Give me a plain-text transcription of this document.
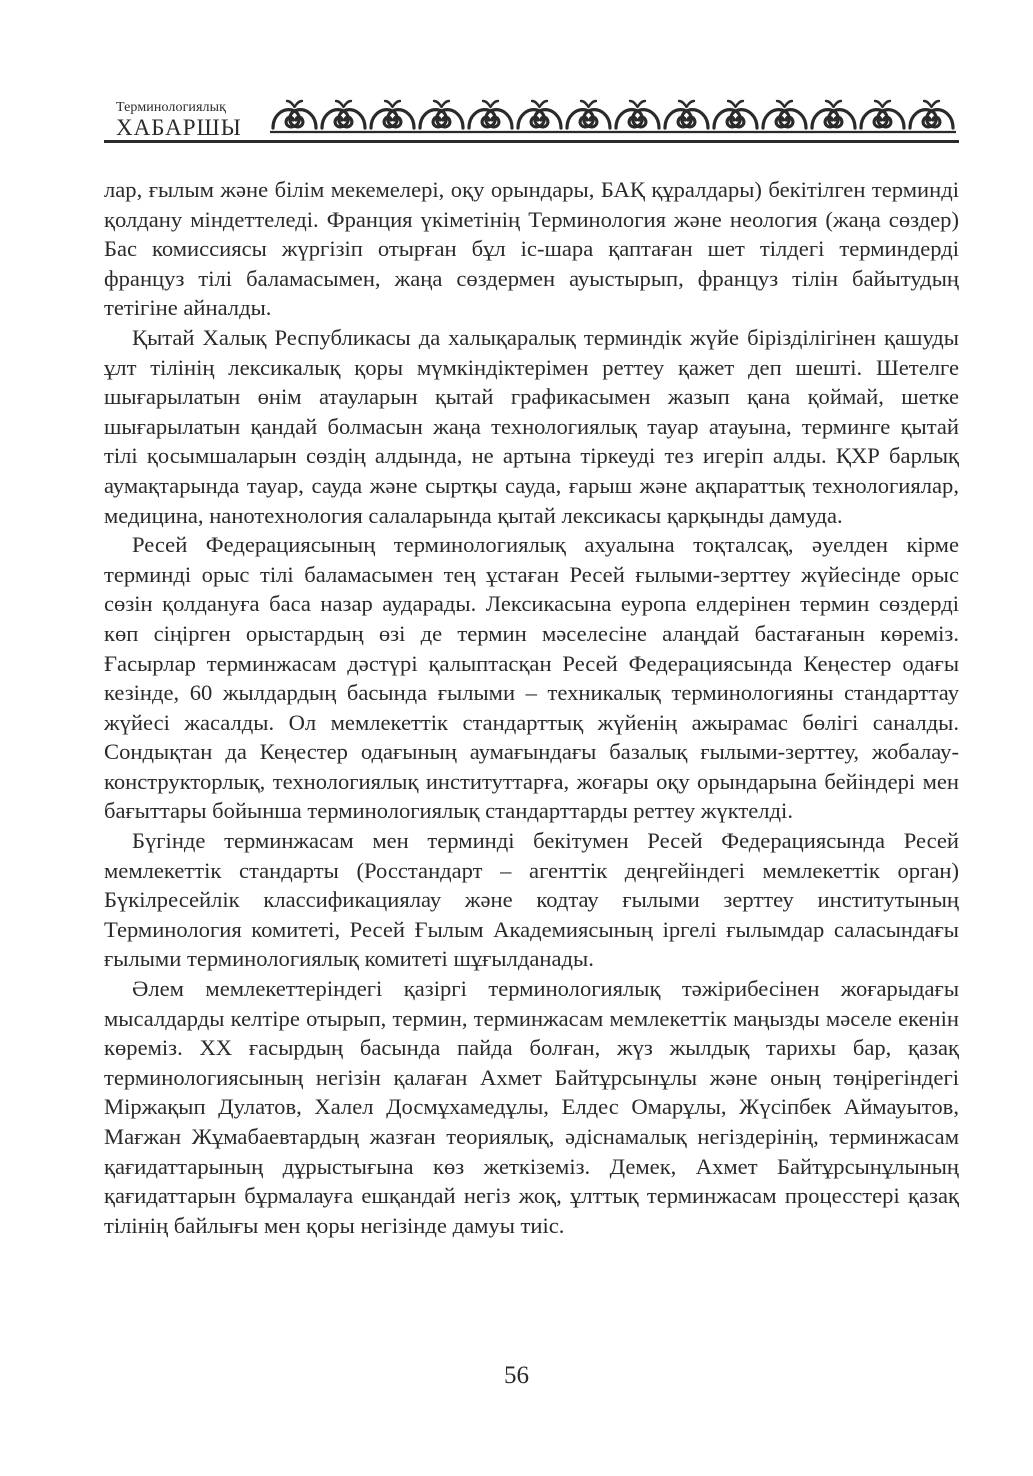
Терминологиялық
ХАБАРШЫ

лар, ғылым және білім мекемелері, оқу орындары, БАҚ құралдары) бекітілген терминді қолдану міндеттеледі. Франция үкіметінің Терминология және неология (жаңа сөздер) Бас комиссиясы жүргізіп отырған бұл іс-шара қаптаған шет тілдегі терминдерді француз тілі баламасымен, жаңа сөздермен ауыстырып, француз тілін байытудың тетігіне айналды.

Қытай Халық Республикасы да халықаралық терминдік жүйе бірізділігінен қашуды ұлт тілінің лексикалық қоры мүмкіндіктерімен реттеу қажет деп шешті. Шетелге шығарылатын өнім атауларын қытай графикасымен жазып қана қоймай, шетке шығарылатын қандай болмасын жаңа технологиялық тауар атауына, терминге қытай тілі қосымшаларын сөздің алдында, не артына тіркеуді тез игеріп алды. ҚХР барлық аумақтарында тауар, сауда және сыртқы сауда, ғарыш және ақпараттық технологиялар, медицина, нанотехнология салаларында қытай лексикасы қарқынды дамуда.

Ресей Федерациясының терминологиялық ахуалына тоқталсақ, әуелден кірме терминді орыс тілі баламасымен тең ұстаған Ресей ғылыми-зерттеу жүйесінде орыс сөзін қолдануға баса назар аударады. Лексикасына еуропа елдерінен термин сөздерді көп сіңірген орыстардың өзі де термин мәселесіне алаңдай бастағанын көреміз. Ғасырлар терминжасам дәстүрі қалыптасқан Ресей Федерациясында Кеңестер одағы кезінде, 60 жылдардың басында ғылыми – техникалық терминологияны стандарттау жүйесі жасалды. Ол мемлекеттік стандарттық жүйенің ажырамас бөлігі саналды. Сондықтан да Кеңестер одағының аумағындағы базалық ғылыми-зерттеу, жобалау-конструкторлық, технологиялық институттарға, жоғары оқу орындарына бейіндері мен бағыттары бойынша терминологиялық стандарттарды реттеу жүктелді.

Бүгінде терминжасам мен терминді бекітумен Ресей Федерациясында Ресей мемлекеттік стандарты (Росстандарт – агенттік деңгейіндегі мемлекеттік орган) Бүкілресейлік классификациялау және кодтау ғылыми зерттеу институтының Терминология комитеті, Ресей Ғылым Академиясының іргелі ғылымдар саласындағы ғылыми терминологиялық комитеті шұғылданады.

Әлем мемлекеттеріндегі қазіргі терминологиялық тәжірибесінен жоғарыдағы мысалдарды келтіре отырып, термин, терминжасам мемлекеттік маңызды мәселе екенін көреміз. ХХ ғасырдың басында пайда болған, жүз жылдық тарихы бар, қазақ терминологиясының негізін қалаған Ахмет Байтұрсынұлы және оның төңірегіндегі Міржақып Дулатов, Халел Досмұхамедұлы, Елдес Омарұлы, Жүсіпбек Аймауытов, Мағжан Жұмабаевтардың жазған теориялық, әдіснамалық негіздерінің, терминжасам қағидаттарының дұрыстығына көз жеткіземіз. Демек, Ахмет Байтұрсынұлының қағидаттарын бұрмалауға ешқандай негіз жоқ, ұлттық терминжасам процесстері қазақ тілінің байлығы мен қоры негізінде дамуы тиіс.

56
